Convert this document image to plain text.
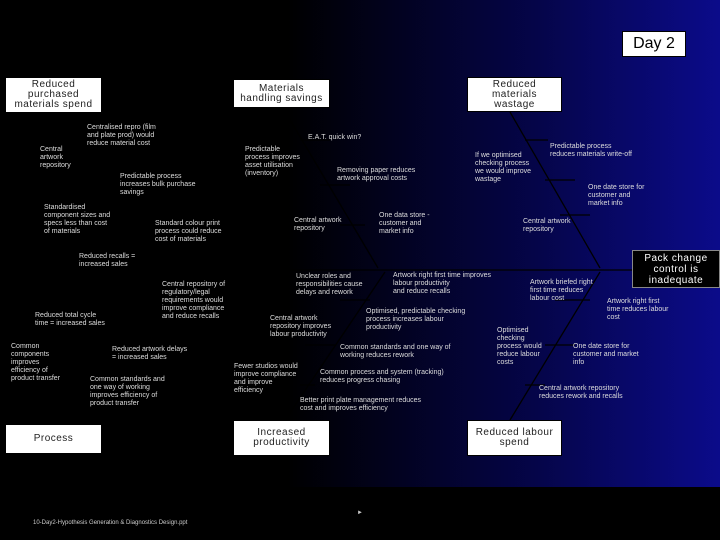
Day 2
Reduced
purchased
materials spend
Materials
handling savings
Reduced
materials
wastage
Process
Increased
productivity
Reduced labour
spend
Pack change
control is
inadequate
Central
artwork
repository
Centralised repro (film
and plate prod) would
reduce material cost
Predictable process
increases bulk purchase
savings
Standardised
component sizes and
specs less than cost
of materials
Standard colour print
process could reduce
cost of materials
E.A.T. quick win?
Predictable
process improves
asset utilisation
(inventory)	Removing paper reduces
artwork approval costs
Central artwork
repository
One data store -
customer and
market info
If we optimised
checking process
we would improve
wastage
Predictable process
reduces materials write-off
One date store for
customer and
market info
Central artwork
repository
Reduced recalls =
increased sales
Central repository of
regulatory/legal
requirements would
improve compliance
and reduce recalls
Reduced total cycle
time = increased sales
Common
components
improves
efficiency of
product transfer
Reduced artwork delays
= increased sales
Common standards and
one way of working
improves efficiency of
product transfer
Unclear roles and
responsibilities cause
delays and rework
Artwork right first time improves
labour productivity
and reduce recalls
Central artwork
repository improves
labour productivity
Optimised, predictable checking
process increases labour
productivity
Common standards and one way of
working reduces rework
Fewer studios would
improve compliance
and improve
efficiency
Common process and system (tracking)
reduces progress chasing
Better print plate management reduces
cost and improves efficiency
Artwork briefed right
first time reduces
labour cost	Artwork right first
time reduces labour
cost
Optimised
checking
process would
reduce labour
costs
One date store for
customer and market
info
Central artwork repository
reduces rework and recalls
►
10-Day2-Hypothesis Generation & Diagnostics Design.ppt
